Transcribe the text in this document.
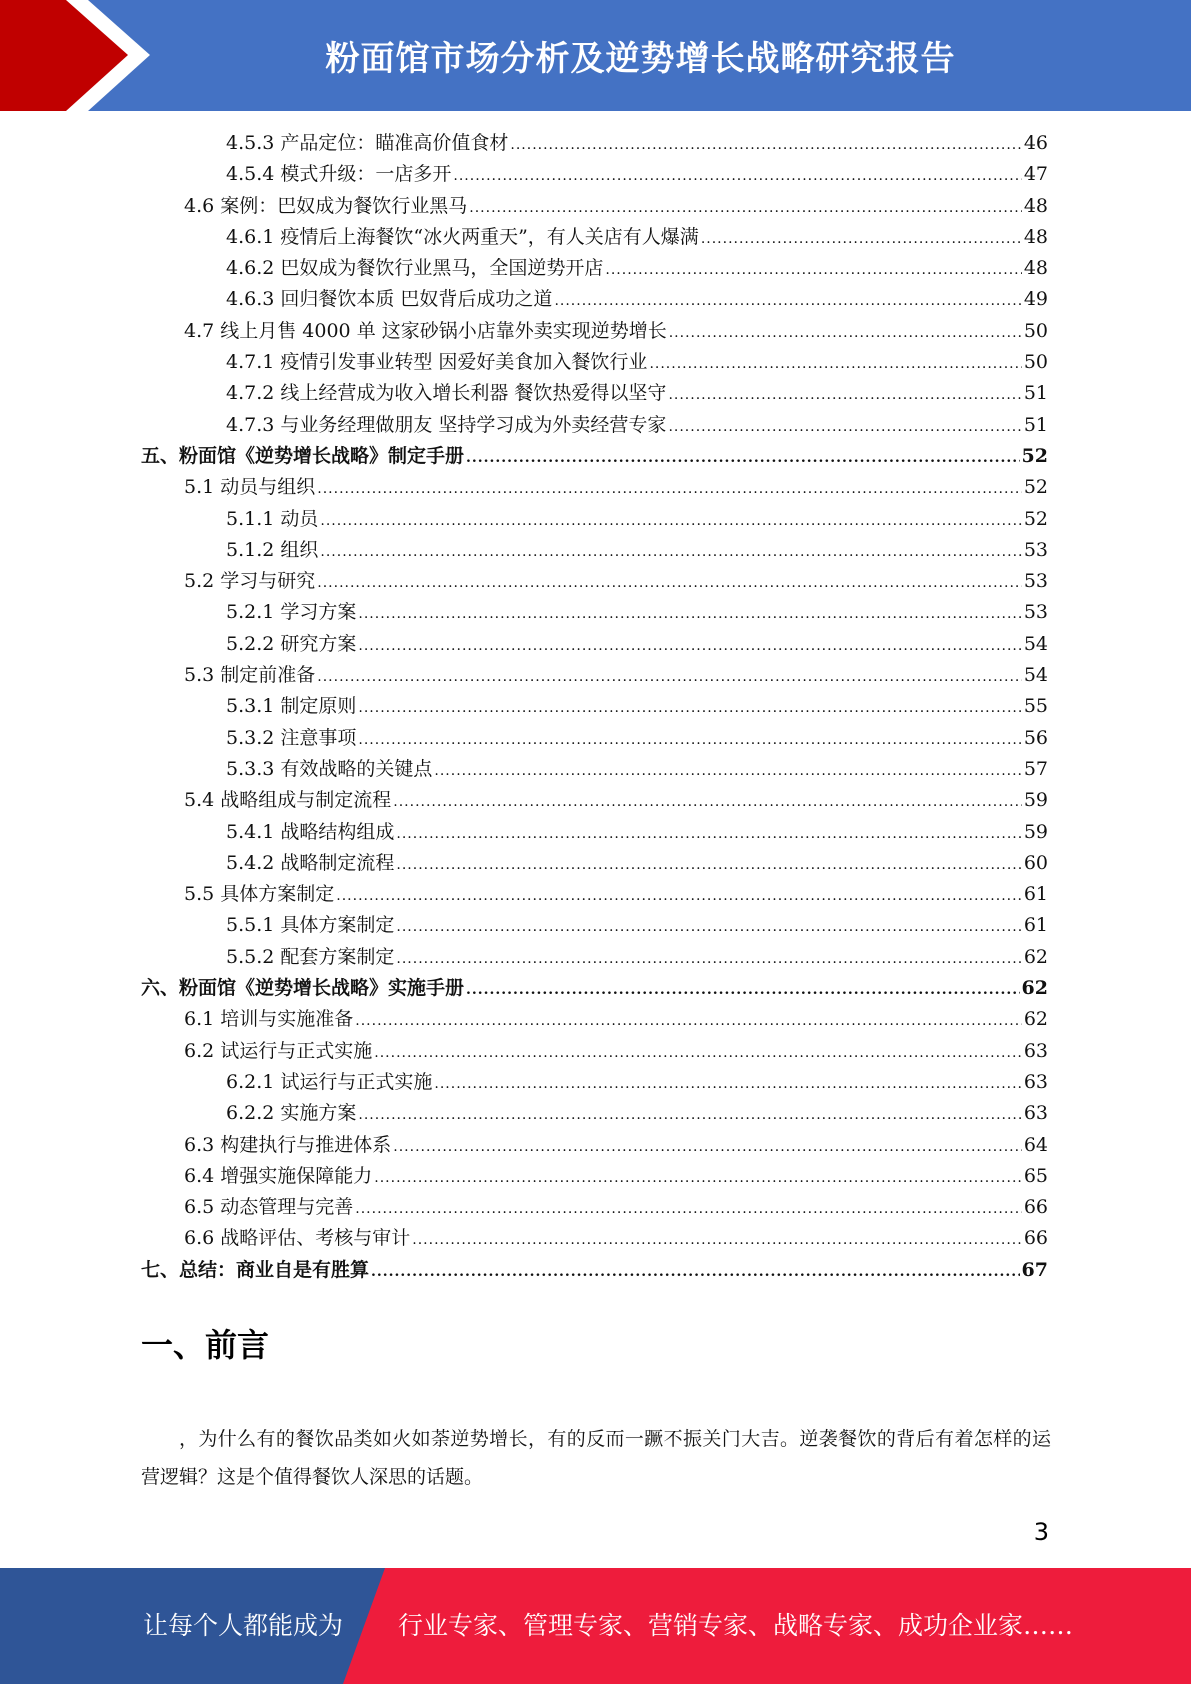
粉面馆市场分析及逆势增长战略研究报告
4.5.3 产品定位：瞄准高价值食材 .....	46
4.5.4 模式升级：一店多开 .....	47
4.6 案例：巴奴成为餐饮行业黑马 .....	48
4.6.1 疫情后上海餐饮“冰火两重天”，有人关店有人爆满 .....	48
4.6.2 巴奴成为餐饮行业黑马，全国逆势开店 .....	48
4.6.3 回归餐饮本质 巴奴背后成功之道 .....	49
4.7 线上月售 4000 单 这家砂锅小店靠外卖实现逆势增长 .....	50
4.7.1 疫情引发事业转型 因爱好美食加入餐饮行业 .....	50
4.7.2 线上经营成为收入增长利器 餐饮热爱得以坚守 .....	51
4.7.3 与业务经理做朋友 坚持学习成为外卖经营专家 .....	51
五、粉面馆《逆势增长战略》制定手册 .....	52
5.1 动员与组织 .....	52
5.1.1 动员 .....	52
5.1.2 组织 .....	53
5.2 学习与研究 .....	53
5.2.1 学习方案 .....	53
5.2.2 研究方案 .....	54
5.3 制定前准备 .....	54
5.3.1 制定原则 .....	55
5.3.2 注意事项 .....	56
5.3.3 有效战略的关键点 .....	57
5.4 战略组成与制定流程 .....	59
5.4.1 战略结构组成 .....	59
5.4.2 战略制定流程 .....	60
5.5 具体方案制定 .....	61
5.5.1 具体方案制定 .....	61
5.5.2 配套方案制定 .....	62
六、粉面馆《逆势增长战略》实施手册 .....	62
6.1 培训与实施准备 .....	62
6.2 试运行与正式实施 .....	63
6.2.1 试运行与正式实施 .....	63
6.2.2 实施方案 .....	63
6.3 构建执行与推进体系 .....	64
6.4 增强实施保障能力 .....	65
6.5 动态管理与完善 .....	66
6.6 战略评估、考核与审计 .....	66
七、总结：商业自是有胜算 .....	67
一、前言
，为什么有的餐饮品类如火如荼逆势增长，有的反而一蹶不振关门大吉。逆袭餐饮的背后有着怎样的运营逻辑？这是个值得餐饮人深思的话题。
3
让每个人都能成为 行业专家、管理专家、营销专家、战略专家、成功企业家……
